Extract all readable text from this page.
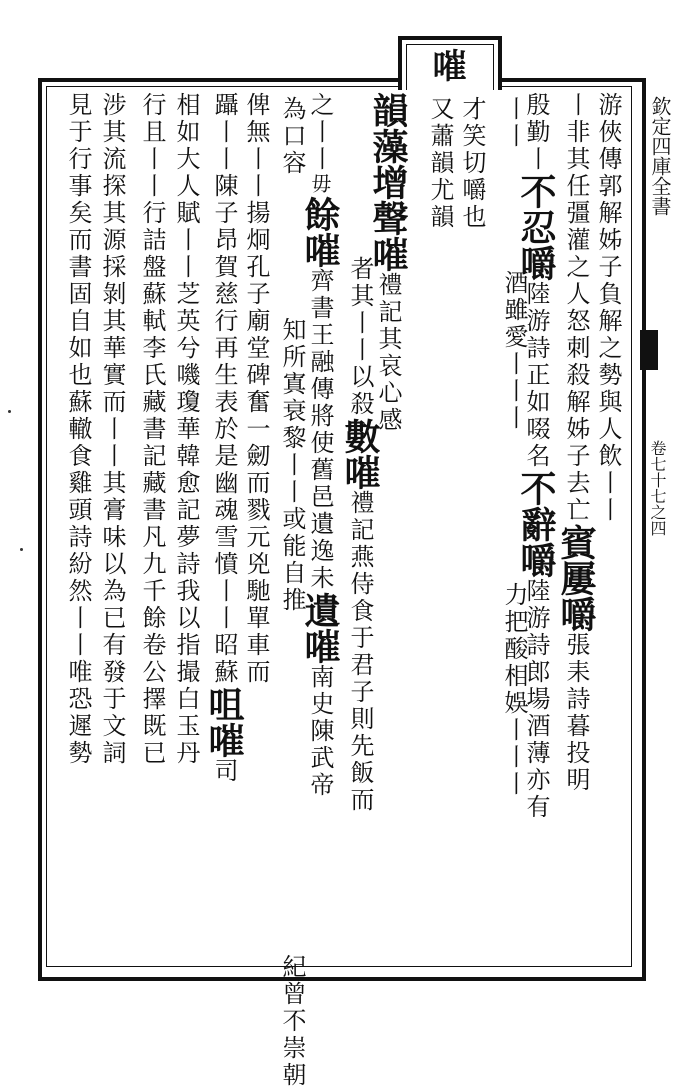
嗺
欽定四庫全書
卷七十七之四
才笑切嚼也
又蕭韻尤韻	游俠傳郭解姊子負解之勢與人飲丨丨
丨非其任彊灌之人怒刺殺解姊子去亡賓屢嚼張耒詩暮投明
殷勤丨不忍嚼陸游詩正如啜名不辭嚼陸游詩郎場酒薄亦有
丨丨酒雖愛丨丨丨力把酸相娛丨丨丨
韻藻增聲嗺禮記其哀心感
者其丨丨以殺數嗺禮記燕侍食于君子則先飯而
之丨丨毋餘嗺齊書王融傳將使舊邑遺逸未遺嗺南史陳武帝
為口容知所寘衰黎丨丨或能自推紀曾不崇朝
俾無丨丨揚炯孔子廟堂碑奮一劒而戮元兇馳單車而
躡丨丨陳子昂賀慈行再生表於是幽魂雪憤丨丨昭蘇咀嗺司
相如大人賦丨丨芝英兮嘰瓊華韓愈記夢詩我以指撮白玉丹
行且丨丨行詰盤蘇軾李氏藏書記藏書凡九千餘卷公擇既已
涉其流探其源採剝其華實而丨丨其膏味以為已有發于文詞
見于行事矣而書固自如也蘇轍食雞頭詩紛然丨丨唯恐遲勢
